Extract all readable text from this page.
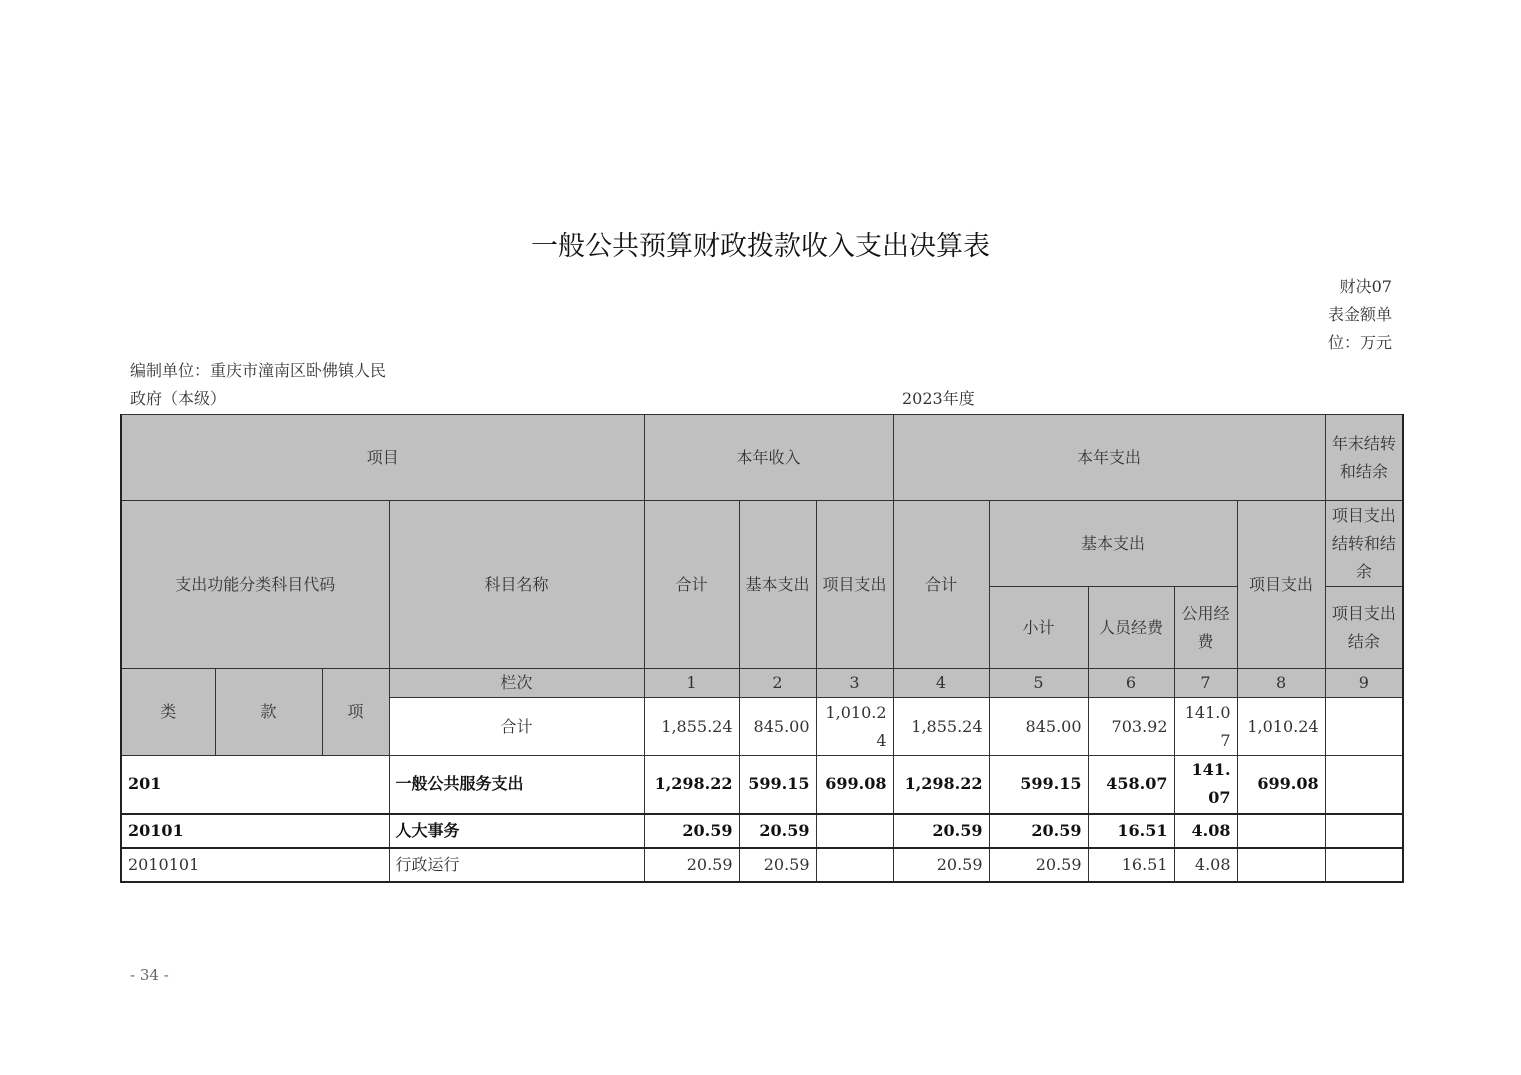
一般公共预算财政拨款收入支出决算表
财决07表金额单位：万元
编制单位：重庆市潼南区卧佛镇人民政府（本级）	2023年度
项目				本年收入			本年支出					年末结转和结余
支出功能分类科目代码			科目名称	合计	基本支出	项目支出	合计	基本支出			项目支出	项目支出结转和结余
								小计	人员经费	公用经费		项目支出结余
类	款	项	栏次	1	2	3	4	5	6	7	8	9
			合计	1,855.24	845.00	1,010.24	1,855.24	845.00	703.92	141.07	1,010.24	
201			一般公共服务支出	1,298.22	599.15	699.08	1,298.22	599.15	458.07	141.07	699.08	
20101			人大事务	20.59	20.59		20.59	20.59	16.51	4.08		
2010101			行政运行	20.59	20.59		20.59	20.59	16.51	4.08		
- 34 -
